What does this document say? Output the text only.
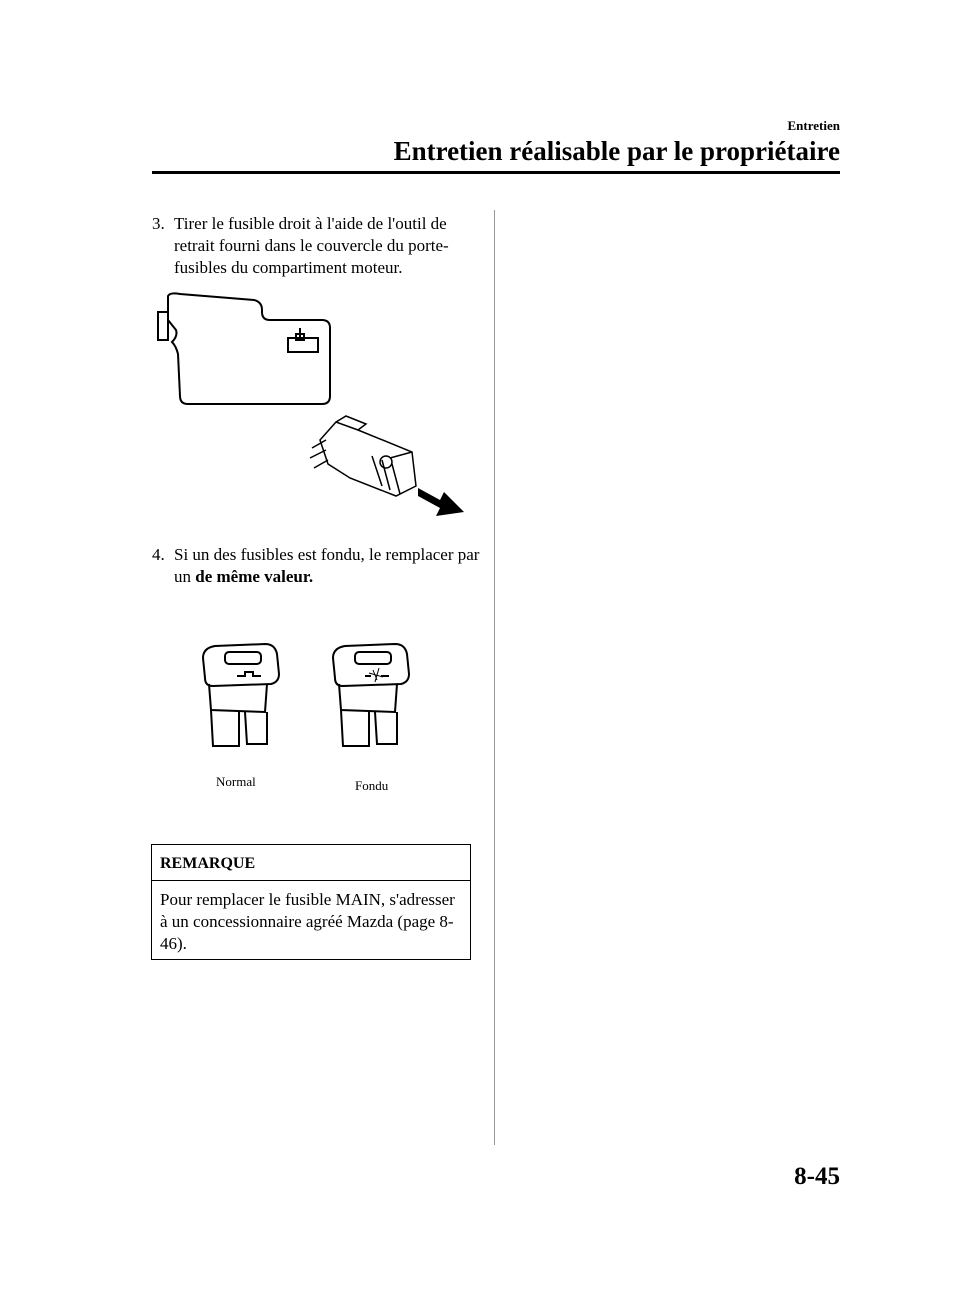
Entretien
Entretien réalisable par le propriétaire
3. Tirer le fusible droit à l'aide de l'outil de retrait fourni dans le couvercle du porte-fusibles du compartiment moteur.
4. Si un des fusibles est fondu, le remplacer par un de même valeur.
Normal	Fondu
REMARQUE
Pour remplacer le fusible MAIN, s'adresser à un concessionnaire agréé Mazda (page 8-46).
8-45
